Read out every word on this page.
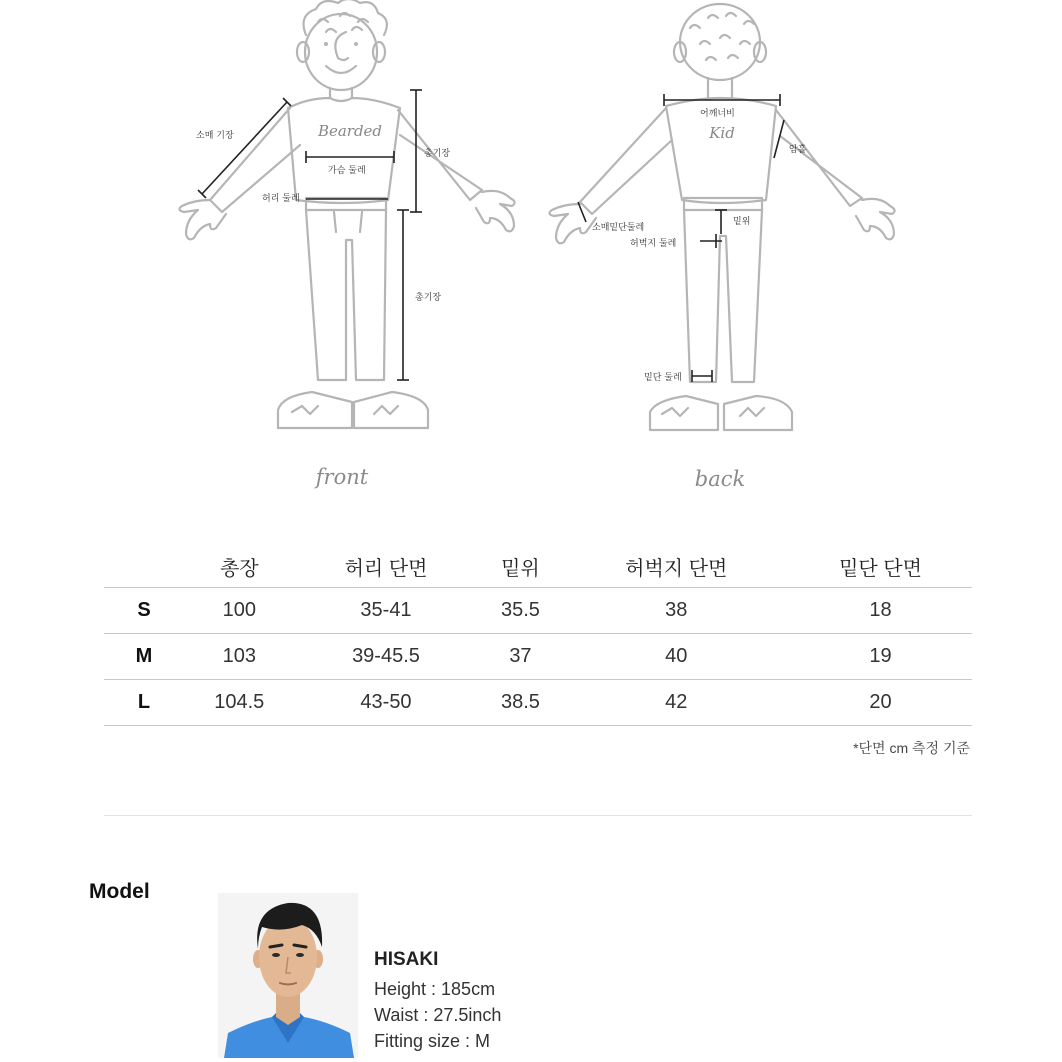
Bearded
소매 기장
가슴 둘레
허리 둘레
총기장
총기장
front
Kid
어깨너비
암홀
소매밑단둘레
밑위
허벅지 둘레
밑단 둘레
back
	총장	허리 단면	밑위	허벅지 단면	밑단 단면
S	100	35-41	35.5	38	18
M	103	39-45.5	37	40	19
L	104.5	43-50	38.5	42	20
*단면 cm 측정 기준
Model
HISAKI
Height : 185cm
Waist : 27.5inch
Fitting size : M
